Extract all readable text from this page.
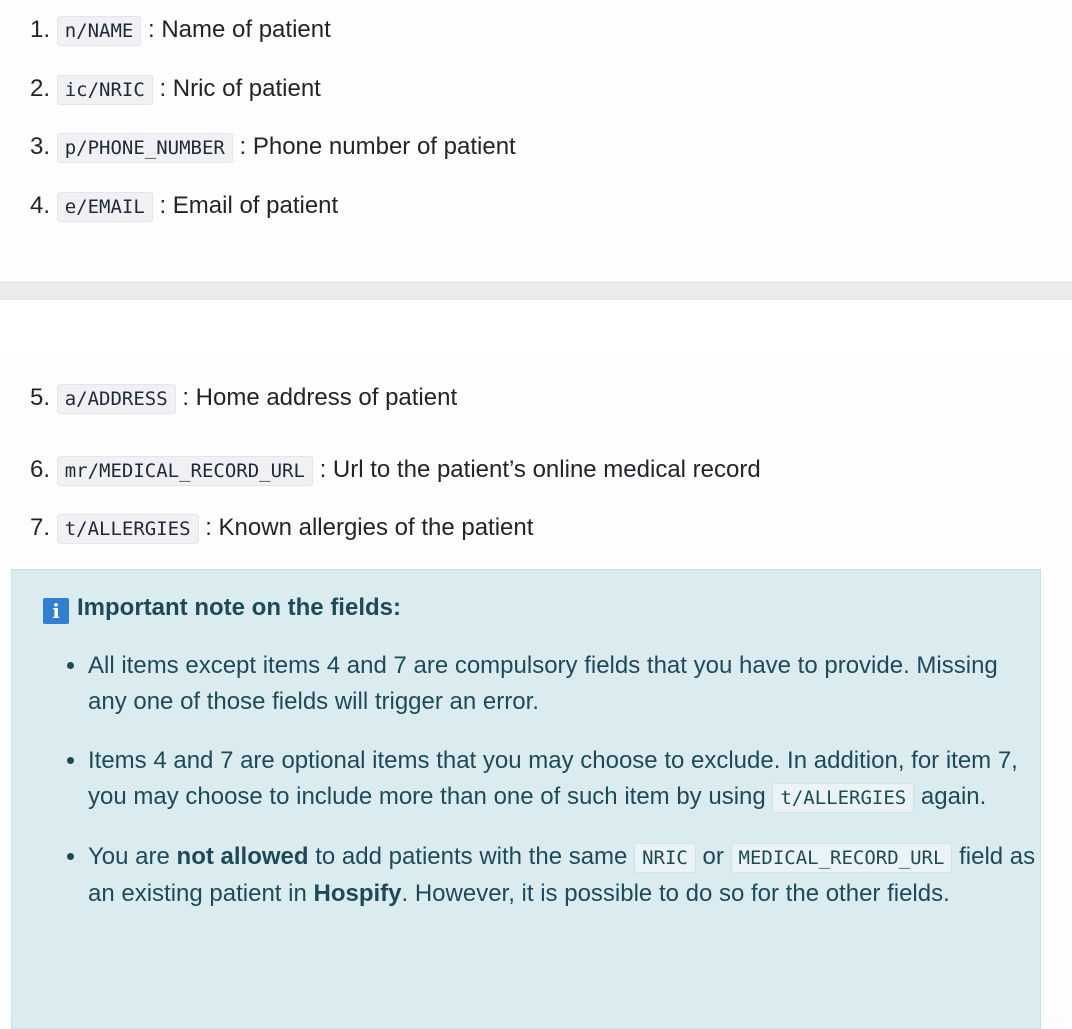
1. n/NAME : Name of patient
2. ic/NRIC : Nric of patient
3. p/PHONE_NUMBER : Phone number of patient
4. e/EMAIL : Email of patient
5. a/ADDRESS : Home address of patient
6. mr/MEDICAL_RECORD_URL : Url to the patient’s online medical record
7. t/ALLERGIES : Known allergies of the patient
i Important note on the fields:
• All items except items 4 and 7 are compulsory fields that you have to provide. Missing any one of those fields will trigger an error.
• Items 4 and 7 are optional items that you may choose to exclude. In addition, for item 7, you may choose to include more than one of such item by using t/ALLERGIES again.
• You are not allowed to add patients with the same NRIC or MEDICAL_RECORD_URL field as an existing patient in Hospify. However, it is possible to do so for the other fields.
